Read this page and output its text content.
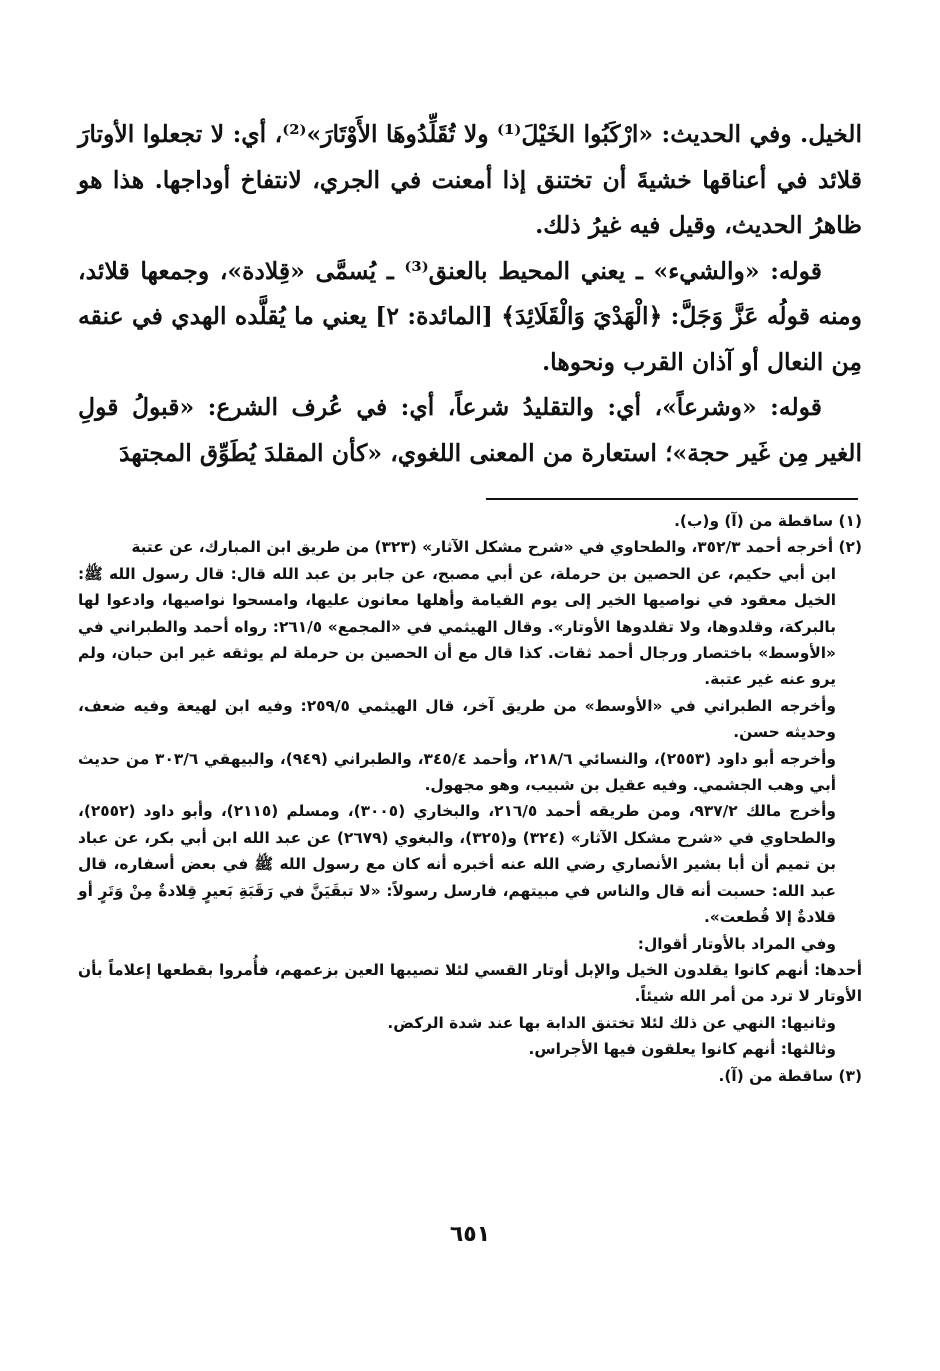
الخيل. وفي الحديث: «ارْكَبُوا الخَيْلَ⁽¹⁾ ولا تُقَلِّدُوهَا الأَوْتَارَ»⁽²⁾، أي: لا تجعلوا الأوتارَ قلائد في أعناقها خشيةَ أن تختنق إذا أمعنت في الجري، لانتفاخ أوداجها. هذا هو ظاهرُ الحديث، وقيل فيه غيرُ ذلك.

قوله: «والشيء» ـ يعني المحيط بالعنق⁽³⁾ ـ يُسمَّى «قِلادة»، وجمعها قلائد، ومنه قولُه عَزَّ وَجَلَّ: ﴿الْهَدْيَ وَالْقَلَائِدَ﴾ [المائدة: ٢] يعني ما يُقلَّده الهدي في عنقه مِن النعال أو آذان القرب ونحوها.

قوله: «وشرعاً»، أي: والتقليدُ شرعاً، أي: في عُرف الشرع: «قبولُ قولِ الغير مِن غَير حجة»؛ استعارة من المعنى اللغوي، «كأن المقلدَ يُطَوِّق المجتهدَ

(١) ساقطة من (آ) و(ب).

(٢) أخرجه أحمد ٣٥٢/٣، والطحاوي في «شرح مشكل الآثار» (٣٢٣) من طريق ابن المبارك، عن عتبة

ابن أبي حكيم، عن الحصين بن حرملة، عن أبي مصبح، عن جابر بن عبد الله قال: قال رسول الله ﷺ: الخيل معقود في نواصيها الخير إلى يوم القيامة وأهلها معانون عليها، وامسحوا نواصيها، وادعوا لها بالبركة، وقلدوها، ولا تقلدوها الأوتار». وقال الهيثمي في «المجمع» ٢٦١/٥: رواه أحمد والطبراني في «الأوسط» باختصار ورجال أحمد ثقات. كذا قال مع أن الحصين بن حرملة لم يوثقه غير ابن حبان، ولم يرو عنه غير عتبة.

وأخرجه الطبراني في «الأوسط» من طريق آخر، قال الهيثمي ٢٥٩/٥: وفيه ابن لهيعة وفيه ضعف، وحديثه حسن.

وأخرجه أبو داود (٢٥٥٣)، والنسائي ٢١٨/٦، وأحمد ٣٤٥/٤، والطبراني (٩٤٩)، والبيهقي ٣٠٣/٦ من حديث أبي وهب الجشمي. وفيه عقيل بن شبيب، وهو مجهول.

وأخرج مالك ٩٣٧/٢، ومن طريقه أحمد ٢١٦/٥، والبخاري (٣٠٠٥)، ومسلم (٢١١٥)، وأبو داود (٢٥٥٢)، والطحاوي في «شرح مشكل الآثار» (٣٢٤) و(٣٢٥)، والبغوي (٢٦٧٩) عن عبد الله ابن أبي بكر، عن عباد بن تميم أن أبا بشير الأنصاري رضي الله عنه أخبره أنه كان مع رسول الله ﷺ في بعض أسفاره، قال عبد الله: حسبت أنه قال والناس في مبيتهم، فارسل رسولاً: «لا تبقَيَنَّ في رَقَبَةِ بَعيرٍ قِلادةٌ مِنْ وَتَرٍ أو قلادةٌ إلا قُطعت».

وفي المراد بالأوتار أقوال:

أحدها: أنهم كانوا يقلدون الخيل والإبل أوتار القسي لئلا تصيبها العين بزعمهم، فأُمروا بقطعها إعلاماً بأن الأوتار لا ترد من أمر الله شيئاً.

وثانيها: النهي عن ذلك لئلا تختنق الدابة بها عند شدة الركض.

وثالثها: أنهم كانوا يعلقون فيها الأجراس.

(٣) ساقطة من (آ).

٦٥١
